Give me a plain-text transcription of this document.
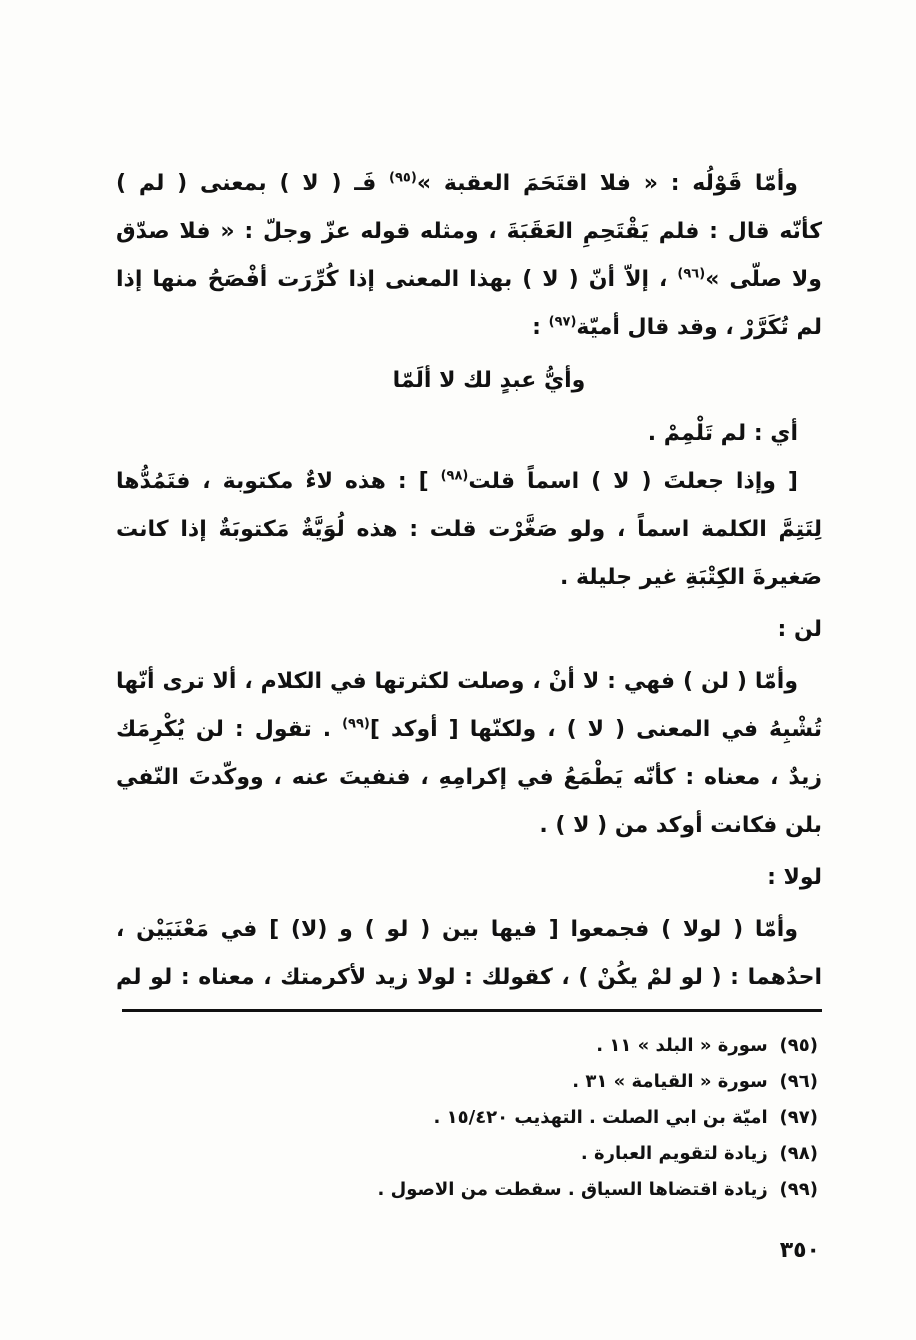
وأمّا قَوْلُه : « فلا اقتَحَمَ العقبة »$^{(٩٥)}$ فَـ ( لا ) بمعنى ( لم )
كأنّه قال : فلم يَقْتَحِمِ العَقَبَةَ ، ومثله قوله عزّ وجلّ : « فلا صدّق
ولا صلّى »$^{(٩٦)}$ ، إلاّ أنّ ( لا ) بهذا المعنى إذا كُرِّرَت أفْصَحُ منها إذا
لم تُكَرَّرْ ، وقد قال أميّة$^{(٩٧)}$ :
وأيُّ عبدٍ لك لا ألَمّا
أي : لم تَلْمِمْ .
[ وإذا جعلتَ ( لا ) اسماً قلت$^{(٩٨)}$ ] : هذه لاءٌ مكتوبة ، فتَمُدُّها
لِتَتِمَّ الكلمة اسماً ، ولو صَغَّرْت قلت : هذه لُوَيَّةٌ مَكتوبَةٌ إذا كانت
صَغيرةَ الكِتْبَةِ غير جليلة .
لن :
وأمّا ( لن ) فهي : لا أنْ ، وصلت لكثرتها في الكلام ، ألا ترى أنّها
تُشْبِهُ في المعنى ( لا ) ، ولكنّها [ أوكد ]$^{(٩٩)}$ . تقول : لن يُكْرِمَك
زيدٌ ، معناه : كأنّه يَطْمَعُ في إكرامِهِ ، فنفيتَ عنه ، ووكّدتَ النّفي
بلن فكانت أوكد من ( لا ) .
لولا :
وأمّا ( لولا ) فجمعوا [ فيها بين ( لو ) و (لا) ] في مَعْنَيَيْن ،
احدُهما : ( لو لمْ يكُنْ ) ، كقولك : لولا زيد لأكرمتك ، معناه : لو لم
(٩٥) سورة « البلد » ١١ .
(٩٦) سورة « القيامة » ٣١ .
(٩٧) اميّة بن ابي الصلت . التهذيب ١٥/٤٢٠ .
(٩٨) زيادة لتقويم العبارة .
(٩٩) زيادة اقتضاها السياق . سقطت من الاصول .
٣٥٠
